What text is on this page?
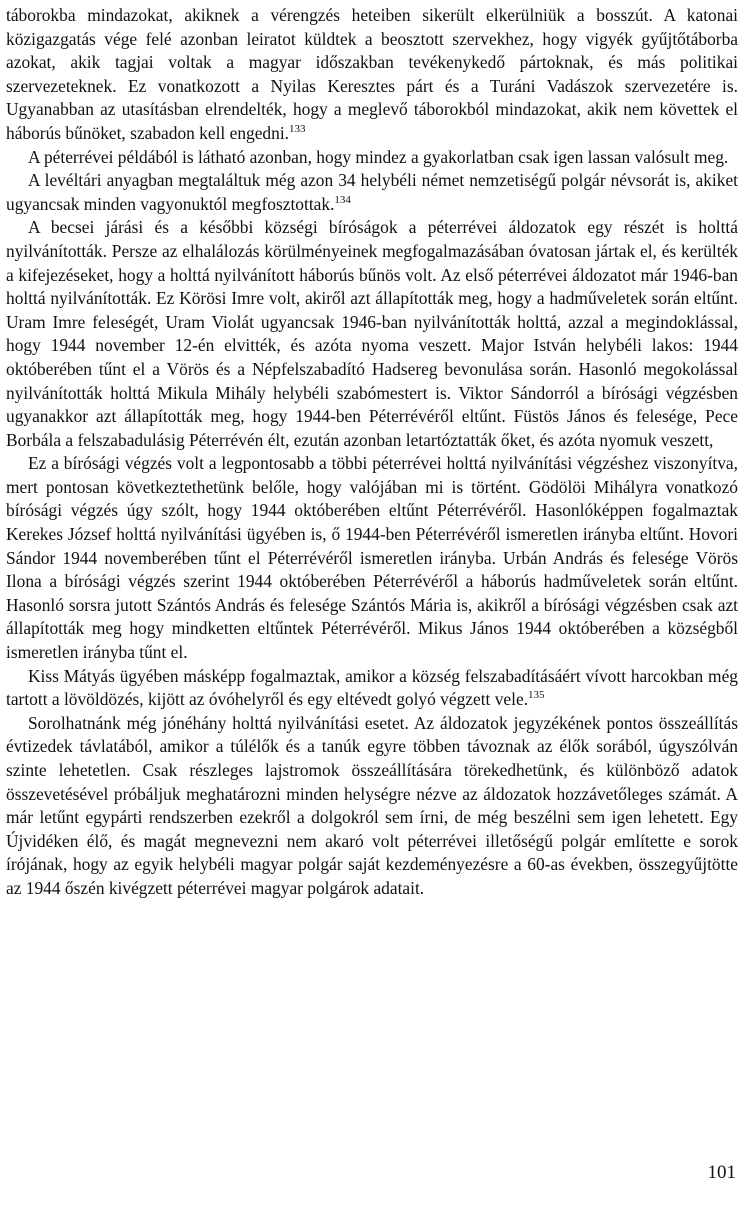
táborokba mindazokat, akiknek a vérengzés heteiben sikerült elkerülniük a bosszút. A katonai közigazgatás vége felé azonban leiratot küldtek a beosztott szervekhez, hogy vigyék gyűjtőtáborba azokat, akik tagjai voltak a magyar időszakban tevékenykedő pártoknak, és más politikai szervezeteknek. Ez vonatkozott a Nyilas Keresztes párt és a Turáni Vadászok szervezetére is. Ugyanabban az utasításban elrendelték, hogy a meglevő táborokból mindazokat, akik nem követtek el háborús bűnöket, szabadon kell engedni.$^{133}$

A péterrévei példából is látható azonban, hogy mindez a gyakorlatban csak igen lassan valósult meg.

A levéltári anyagban megtaláltuk még azon 34 helybéli német nemzetiségű polgár névsorát is, akiket ugyancsak minden vagyonuktól megfosztottak.$^{134}$

A becsei járási és a későbbi községi bíróságok a péterrévei áldozatok egy részét is holttá nyilvánították. Persze az elhalálozás körülményeinek megfogalmazásában óvatosan jártak el, és kerülték a kifejezéseket, hogy a holttá nyilvánított háborús bűnös volt. Az első péterrévei áldozatot már 1946-ban holttá nyilvánították. Ez Körösi Imre volt, akiről azt állapították meg, hogy a hadműveletek során eltűnt. Uram Imre feleségét, Uram Violát ugyancsak 1946-ban nyilvánították holttá, azzal a megindoklással, hogy 1944 november 12-én elvitték, és azóta nyoma veszett. Major István helybéli lakos: 1944 októberében tűnt el a Vörös és a Népfelszabadító Hadsereg bevonulása során. Hasonló megokolással nyilvánították holttá Mikula Mihály helybéli szabómestert is. Viktor Sándorról a bírósági végzésben ugyanakkor azt állapították meg, hogy 1944-ben Péterrévéről eltűnt. Füstös János és felesége, Pece Borbála a felszabadulásig Péterrévén élt, ezután azonban letartóztatták őket, és azóta nyomuk veszett,

Ez a bírósági végzés volt a legpontosabb a többi péterrévei holttá nyilvánítási végzéshez viszonyítva, mert pontosan következtethetünk belőle, hogy valójában mi is történt. Gödölöi Mihályra vonatkozó bírósági végzés úgy szólt, hogy 1944 októberében eltűnt Péterrévéről. Hasonlóképpen fogalmaztak Kerekes József holttá nyilvánítási ügyében is, ő 1944-ben Péterrévéről ismeretlen irányba eltűnt. Hovori Sándor 1944 novemberében tűnt el Péterrévéről ismeretlen irányba. Urbán András és felesége Vörös Ilona a bírósági végzés szerint 1944 októberében Péterrévéről a háborús hadműveletek során eltűnt. Hasonló sorsra jutott Szántós András és felesége Szántós Mária is, akikről a bírósági végzésben csak azt állapították meg hogy mindketten eltűntek Péterrévéről. Mikus János 1944 októberében a községből ismeretlen irányba tűnt el.

Kiss Mátyás ügyében másképp fogalmaztak, amikor a község felszabadításáért vívott harcokban még tartott a lövöldözés, kijött az óvóhelyről és egy eltévedt golyó végzett vele.$^{135}$

Sorolhatnánk még jónéhány holttá nyilvánítási esetet. Az áldozatok jegyzékének pontos összeállítás évtizedek távlatából, amikor a túlélők és a tanúk egyre többen távoznak az élők sorából, úgyszólván szinte lehetetlen. Csak részleges lajstromok összeállítására törekedhetünk, és különböző adatok összevetésével próbáljuk meghatározni minden helységre nézve az áldozatok hozzávetőleges számát. A már letűnt egypárti rendszerben ezekről a dolgokról sem írni, de még beszélni sem igen lehetett. Egy Újvidéken élő, és magát megnevezni nem akaró volt péterrévei illetőségű polgár említette e sorok írójának, hogy az egyik helybéli magyar polgár saját kezdeményezésre a 60-as években, összegyűjtötte az 1944 őszén kivégzett péterrévei magyar polgárok adatait.

101
